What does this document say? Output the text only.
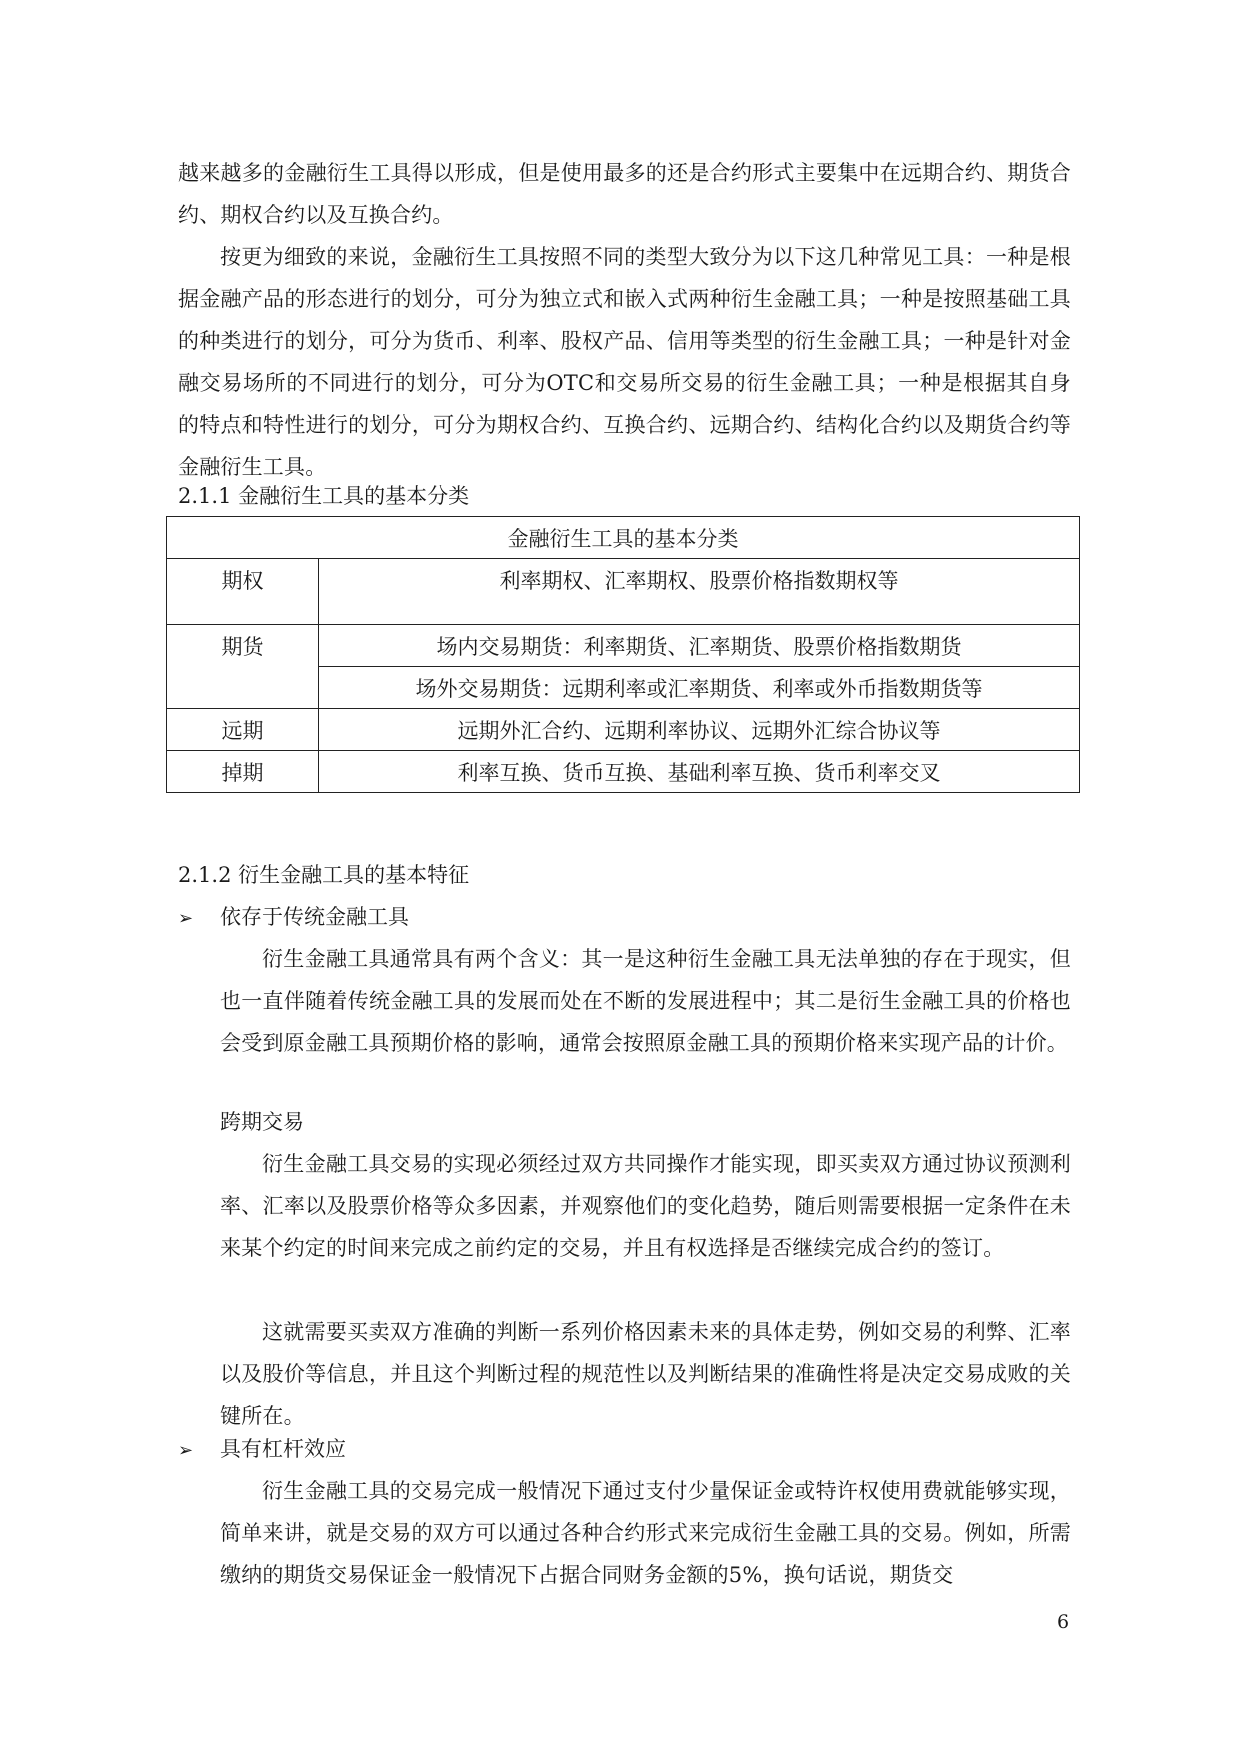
越来越多的金融衍生工具得以形成，但是使用最多的还是合约形式主要集中在远期合约、期货合约、期权合约以及互换合约。

按更为细致的来说，金融衍生工具按照不同的类型大致分为以下这几种常见工具：一种是根据金融产品的形态进行的划分，可分为独立式和嵌入式两种衍生金融工具；一种是按照基础工具的种类进行的划分，可分为货币、利率、股权产品、信用等类型的衍生金融工具；一种是针对金融交易场所的不同进行的划分，可分为OTC和交易所交易的衍生金融工具；一种是根据其自身的特点和特性进行的划分，可分为期权合约、互换合约、远期合约、结构化合约以及期货合约等金融衍生工具。

2.1.1 金融衍生工具的基本分类

金融衍生工具的基本分类	
期权	利率期权、汇率期权、股票价格指数期权等
期货	场内交易期货：利率期货、汇率期货、股票价格指数期货
	场外交易期货：远期利率或汇率期货、利率或外币指数期货等
远期	远期外汇合约、远期利率协议、远期外汇综合协议等
掉期	利率互换、货币互换、基础利率互换、货币利率交叉

2.1.2 衍生金融工具的基本特征

➢ 依存于传统金融工具

衍生金融工具通常具有两个含义：其一是这种衍生金融工具无法单独的存在于现实，但也一直伴随着传统金融工具的发展而处在不断的发展进程中；其二是衍生金融工具的价格也会受到原金融工具预期价格的影响，通常会按照原金融工具的预期价格来实现产品的计价。

跨期交易

衍生金融工具交易的实现必须经过双方共同操作才能实现，即买卖双方通过协议预测利率、汇率以及股票价格等众多因素，并观察他们的变化趋势，随后则需要根据一定条件在未来某个约定的时间来完成之前约定的交易，并且有权选择是否继续完成合约的签订。

这就需要买卖双方准确的判断一系列价格因素未来的具体走势，例如交易的利弊、汇率以及股价等信息，并且这个判断过程的规范性以及判断结果的准确性将是决定交易成败的关键所在。

➢ 具有杠杆效应

衍生金融工具的交易完成一般情况下通过支付少量保证金或特许权使用费就能够实现，简单来讲，就是交易的双方可以通过各种合约形式来完成衍生金融工具的交易。例如，所需缴纳的期货交易保证金一般情况下占据合同财务金额的5%，换句话说，期货交

6
